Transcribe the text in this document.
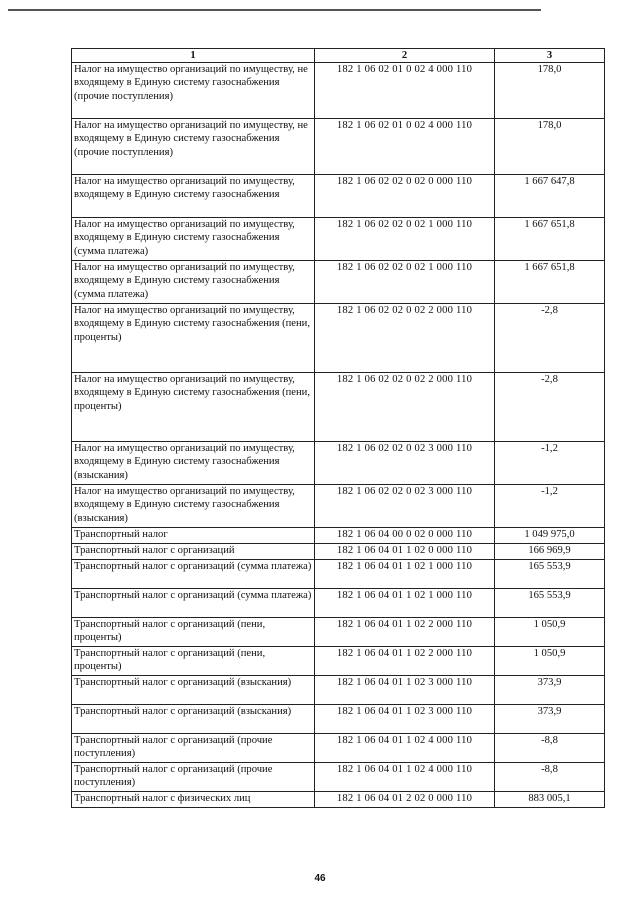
1	2	3
Налог на имущество организаций по имуществу, не входящему в Единую систему газоснабжения (прочие поступления)	182 1 06 02 01 0 02 4 000 110	178,0
Налог на имущество организаций по имуществу, не входящему в Единую систему газоснабжения (прочие поступления)	182 1 06 02 01 0 02 4 000 110	178,0
Налог на имущество организаций по имуществу, входящему в Единую систему газоснабжения	182 1 06 02 02 0 02 0 000 110	1 667 647,8
Налог на имущество организаций по имуществу, входящему в Единую систему газоснабжения (сумма платежа)	182 1 06 02 02 0 02 1 000 110	1 667 651,8
Налог на имущество организаций по имуществу, входящему в Единую систему газоснабжения (сумма платежа)	182 1 06 02 02 0 02 1 000 110	1 667 651,8
Налог на имущество организаций по имуществу, входящему в Единую систему газоснабжения (пени, проценты)	182 1 06 02 02 0 02 2 000 110	-2,8
Налог на имущество организаций по имуществу, входящему в Единую систему газоснабжения (пени, проценты)	182 1 06 02 02 0 02 2 000 110	-2,8
Налог на имущество организаций по имуществу, входящему в Единую систему газоснабжения (взыскания)	182 1 06 02 02 0 02 3 000 110	-1,2
Налог на имущество организаций по имуществу, входящему в Единую систему газоснабжения (взыскания)	182 1 06 02 02 0 02 3 000 110	-1,2
Транспортный налог	182 1 06 04 00 0 02 0 000 110	1 049 975,0
Транспортный налог с организаций	182 1 06 04 01 1 02 0 000 110	166 969,9
Транспортный налог с организаций (сумма платежа)	182 1 06 04 01 1 02 1 000 110	165 553,9
Транспортный налог с организаций (сумма платежа)	182 1 06 04 01 1 02 1 000 110	165 553,9
Транспортный налог с организаций (пени, проценты)	182 1 06 04 01 1 02 2 000 110	1 050,9
Транспортный налог с организаций (пени, проценты)	182 1 06 04 01 1 02 2 000 110	1 050,9
Транспортный налог с организаций (взыскания)	182 1 06 04 01 1 02 3 000 110	373,9
Транспортный налог с организаций (взыскания)	182 1 06 04 01 1 02 3 000 110	373,9
Транспортный налог с организаций (прочие поступления)	182 1 06 04 01 1 02 4 000 110	-8,8
Транспортный налог с организаций (прочие поступления)	182 1 06 04 01 1 02 4 000 110	-8,8
Транспортный налог с физических лиц	182 1 06 04 01 2 02 0 000 110	883 005,1
46
